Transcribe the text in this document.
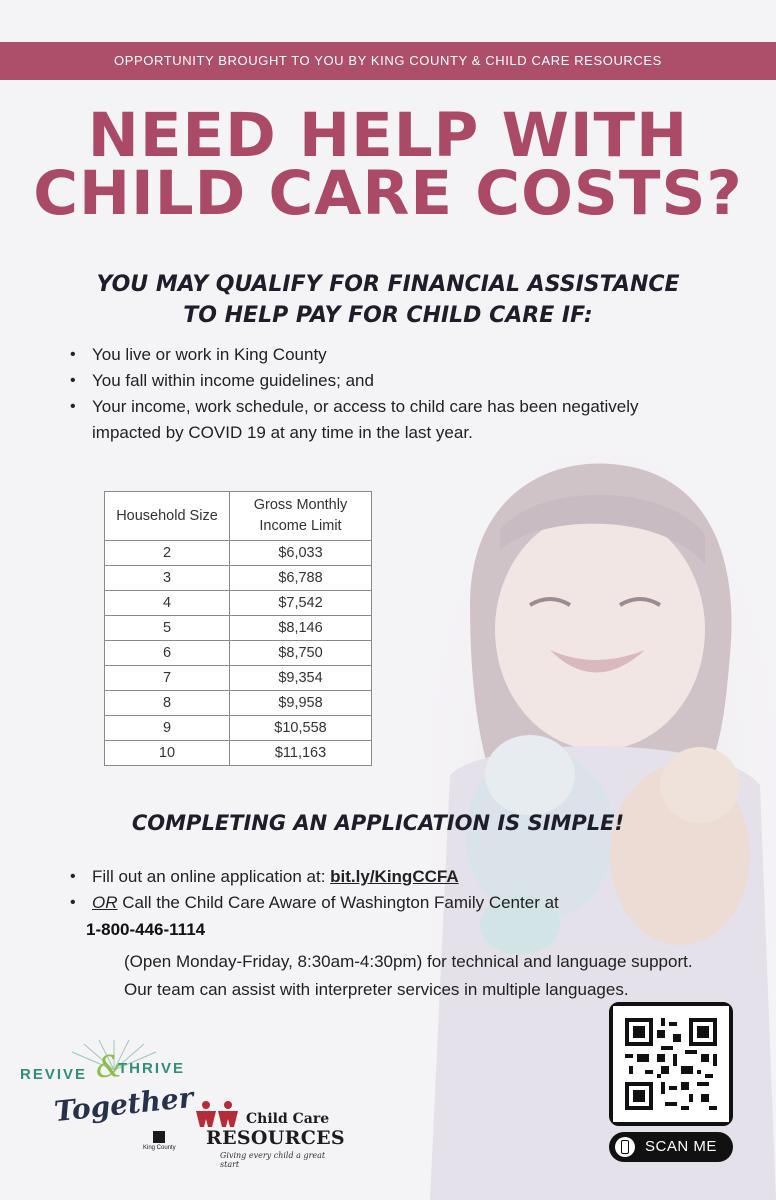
OPPORTUNITY BROUGHT TO YOU BY KING COUNTY & CHILD CARE RESOURCES
NEED HELP WITH
CHILD CARE COSTS?
YOU MAY QUALIFY FOR FINANCIAL ASSISTANCE
TO HELP PAY FOR CHILD CARE IF:
• You live or work in King County
• You fall within income guidelines; and
• Your income, work schedule, or access to child care has been negatively impacted by COVID 19 at any time in the last year.
Household Size	Gross Monthly Income Limit
2	$6,033
3	$6,788
4	$7,542
5	$8,146
6	$8,750
7	$9,354
8	$9,958
9	$10,558
10	$11,163
COMPLETING AN APPLICATION IS SIMPLE!
• Fill out an online application at: bit.ly/KingCCFA
• OR Call the Child Care Aware of Washington Family Center at
1-800-446-1114
(Open Monday-Friday, 8:30am-4:30pm) for technical and language support. Our team can assist with interpreter services in multiple languages.
REVIVE &
THRIVE
Together
King County
Child Care
RESOURCES
Giving every child a great start
SCAN ME
